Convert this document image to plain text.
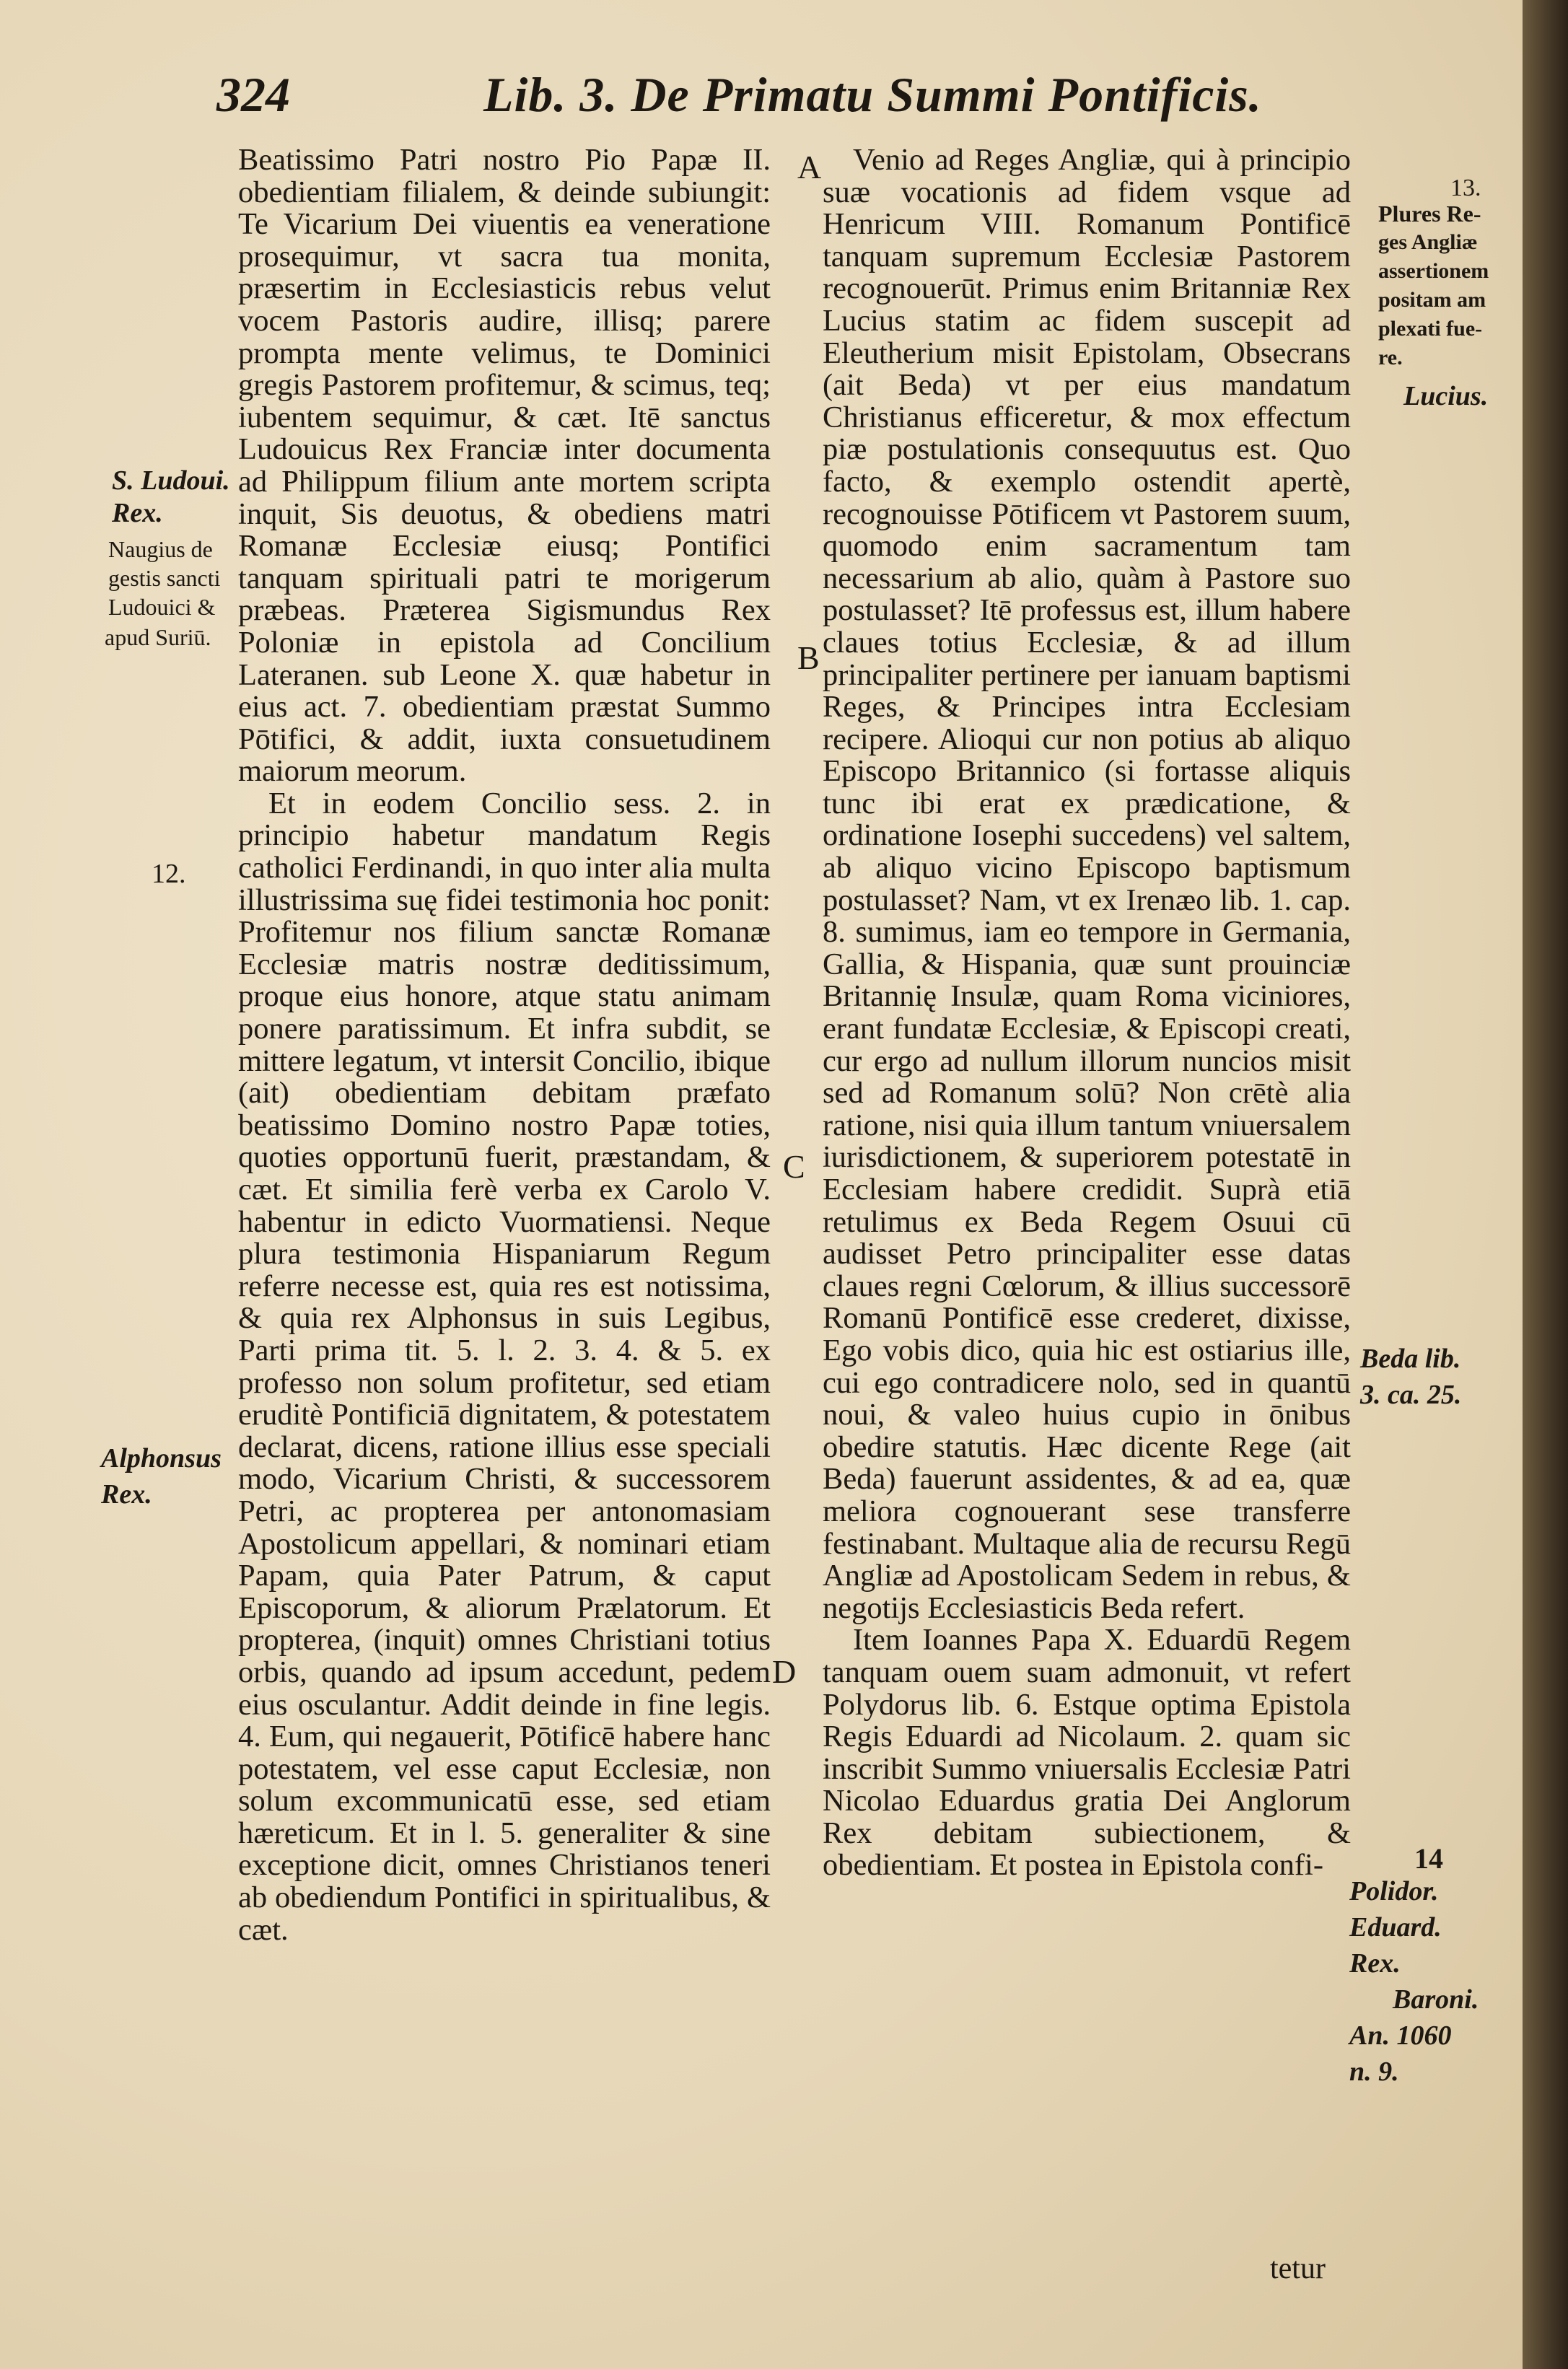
324	Lib. 3. De Primatu Summi Pontificis.

Beatissimo Patri nostro Pio Papæ II. obedientiam filialem, & deinde subiungit: Te Vicarium Dei viuentis ea veneratione prosequimur, vt sacra tua monita, præsertim in Ecclesiasticis rebus velut vocem Pastoris audire, illisq; parere prompta mente velimus, te Dominici gregis Pastorem profitemur, & scimus, teq; iubentem sequimur, & cæt. Itē sanctus Ludouicus Rex Franciæ inter documenta ad Philippum filium ante mortem scripta inquit, Sis deuotus, & obediens matri Romanæ Ecclesiæ eiusq; Pontifici tanquam spirituali patri te morigerum præbeas. Præterea Sigismundus Rex Poloniæ in epistola ad Concilium Lateranen. sub Leone X. quæ habetur in eius act. 7. obedientiam præstat Summo Pōtifici, & addit, iuxta consuetudinem maiorum meorum.

Et in eodem Concilio sess. 2. in principio habetur mandatum Regis catholici Ferdinandi, in quo inter alia multa illustrissima suę fidei testimonia hoc ponit: Profitemur nos filium sanctæ Romanæ Ecclesiæ matris nostræ deditissimum, proque eius honore, atque statu animam ponere paratissimum. Et infra subdit, se mittere legatum, vt intersit Concilio, ibique (ait) obedientiam debitam præfato beatissimo Domino nostro Papæ toties, quoties opportunū fuerit, præstandam, & cæt. Et similia ferè verba ex Carolo V. habentur in edicto Vuormatiensi. Neque plura testimonia Hispaniarum Regum referre necesse est, quia res est notissima, & quia rex Alphonsus in suis Legibus, Parti prima tit. 5. l. 2. 3. 4. & 5. ex professo non solum profitetur, sed etiam eruditè Pontificiā dignitatem, & potestatem declarat, dicens, ratione illius esse speciali modo, Vicarium Christi, & successorem Petri, ac propterea per antonomasiam Apostolicum appellari, & nominari etiam Papam, quia Pater Patrum, & caput Episcoporum, & aliorum Prælatorum. Et propterea, (inquit) omnes Christiani totius orbis, quando ad ipsum accedunt, pedem eius osculantur. Addit deinde in fine legis. 4. Eum, qui negauerit, Pōtificē habere hanc potestatem, vel esse caput Ecclesiæ, non solum excommunicatū esse, sed etiam hæreticum. Et in l. 5. generaliter & sine exceptione dicit, omnes Christianos teneri ab obediendum Pontifici in spiritualibus, & cæt.

Venio ad Reges Angliæ, qui à principio suæ vocationis ad fidem vsque ad Henricum VIII. Romanum Pontificē tanquam supremum Ecclesiæ Pastorem recognouerūt. Primus enim Britanniæ Rex Lucius statim ac fidem suscepit ad Eleutherium misit Epistolam, Obsecrans (ait Beda) vt per eius mandatum Christianus efficeretur, & mox effectum piæ postulationis consequutus est. Quo facto, & exemplo ostendit apertè, recognouisse Pōtificem vt Pastorem suum, quomodo enim sacramentum tam necessarium ab alio, quàm à Pastore suo postulasset? Itē professus est, illum habere claues totius Ecclesiæ, & ad illum principaliter pertinere per ianuam baptismi Reges, & Principes intra Ecclesiam recipere. Alioqui cur non potius ab aliquo Episcopo Britannico (si fortasse aliquis tunc ibi erat ex prædicatione, & ordinatione Iosephi succedens) vel saltem, ab aliquo vicino Episcopo baptismum postulasset? Nam, vt ex Irenæo lib. 1. cap. 8. sumimus, iam eo tempore in Germania, Gallia, & Hispania, quæ sunt prouinciæ Britannię Insulæ, quam Roma viciniores, erant fundatæ Ecclesiæ, & Episcopi creati, cur ergo ad nullum illorum nuncios misit sed ad Romanum solū? Non crētè alia ratione, nisi quia illum tantum vniuersalem iurisdictionem, & superiorem potestatē in Ecclesiam habere credidit. Suprà etiā retulimus ex Beda Regem Osuui cū audisset Petro principaliter esse datas claues regni Cœlorum, & illius successorē Romanū Pontificē esse crederet, dixisse, Ego vobis dico, quia hic est ostiarius ille, cui ego contradicere nolo, sed in quantū noui, & valeo huius cupio in ōnibus obedire statutis. Hæc dicente Rege (ait Beda) fauerunt assidentes, & ad ea, quæ meliora cognouerant sese transferre festinabant. Multaque alia de recursu Regū Angliæ ad Apostolicam Sedem in rebus, & negotijs Ecclesiasticis Beda refert.

Item Ioannes Papa X. Eduardū Regem tanquam ouem suam admonuit, vt refert Polydorus lib. 6. Estque optima Epistola Regis Eduardi ad Nicolaum. 2. quam sic inscribit Summo vniuersalis Ecclesiæ Patri Nicolao Eduardus gratia Dei Anglorum Rex debitam subiectionem, & obedientiam. Et postea in Epistola confi-

tetur
A
B
C
D
S. Ludoui.
Rex.
Naugius de
gestis sancti
Ludouici &
apud Suriū.
12.
Alphonsus
Rex.
13.
Plures Re-
ges Angliæ
assertionem
positam am
plexati fue-
re.
Lucius.
Beda lib.
3. ca. 25.
14
Polidor.
Eduard.
Rex.
Baroni.
An. 1060
n. 9.
